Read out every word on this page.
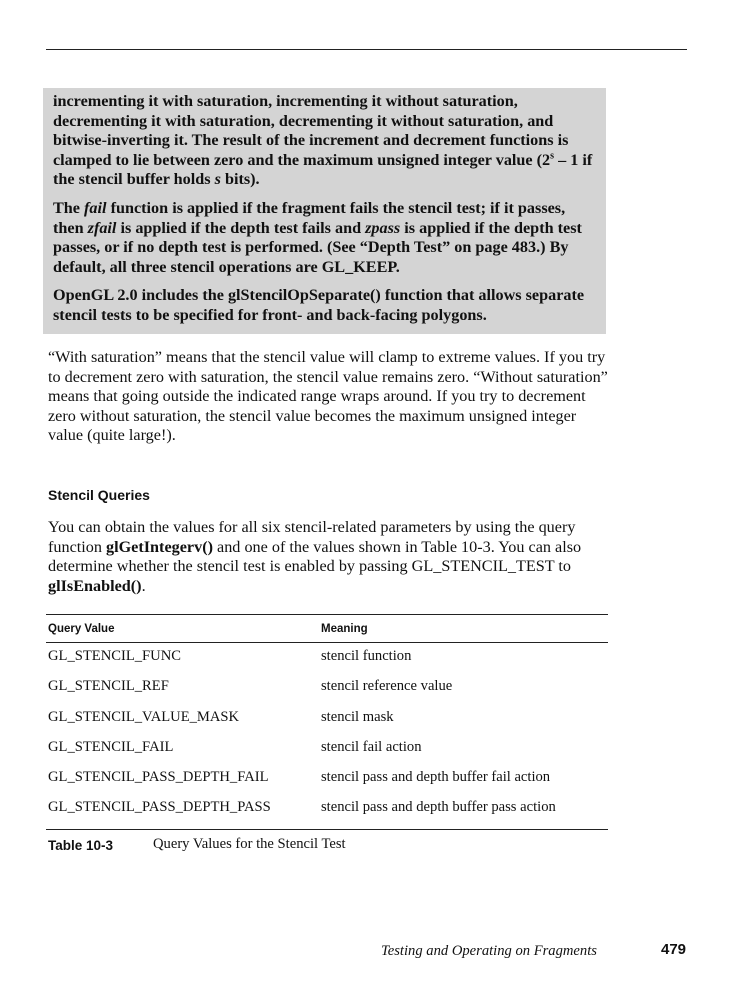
incrementing it with saturation, incrementing it without saturation, decrementing it with saturation, decrementing it without saturation, and bitwise-inverting it. The result of the increment and decrement functions is clamped to lie between zero and the maximum unsigned integer value (2$^s$ – 1 if the stencil buffer holds s bits).

The fail function is applied if the fragment fails the stencil test; if it passes, then zfail is applied if the depth test fails and zpass is applied if the depth test passes, or if no depth test is performed. (See “Depth Test” on page 483.) By default, all three stencil operations are GL_KEEP.

OpenGL 2.0 includes the glStencilOpSeparate() function that allows separate stencil tests to be specified for front- and back-facing polygons.

“With saturation” means that the stencil value will clamp to extreme values. If you try to decrement zero with saturation, the stencil value remains zero. “Without saturation” means that going outside the indicated range wraps around. If you try to decrement zero without saturation, the stencil value becomes the maximum unsigned integer value (quite large!).

Stencil Queries

You can obtain the values for all six stencil-related parameters by using the query function glGetIntegerv() and one of the values shown in Table 10-3. You can also determine whether the stencil test is enabled by passing GL_STENCIL_TEST to glIsEnabled().

Query Value	Meaning
GL_STENCIL_FUNC	stencil function
GL_STENCIL_REF	stencil reference value
GL_STENCIL_VALUE_MASK	stencil mask
GL_STENCIL_FAIL	stencil fail action
GL_STENCIL_PASS_DEPTH_FAIL	stencil pass and depth buffer fail action
GL_STENCIL_PASS_DEPTH_PASS	stencil pass and depth buffer pass action
Table 10-3	Query Values for the Stencil Test
Testing and Operating on Fragments	479
